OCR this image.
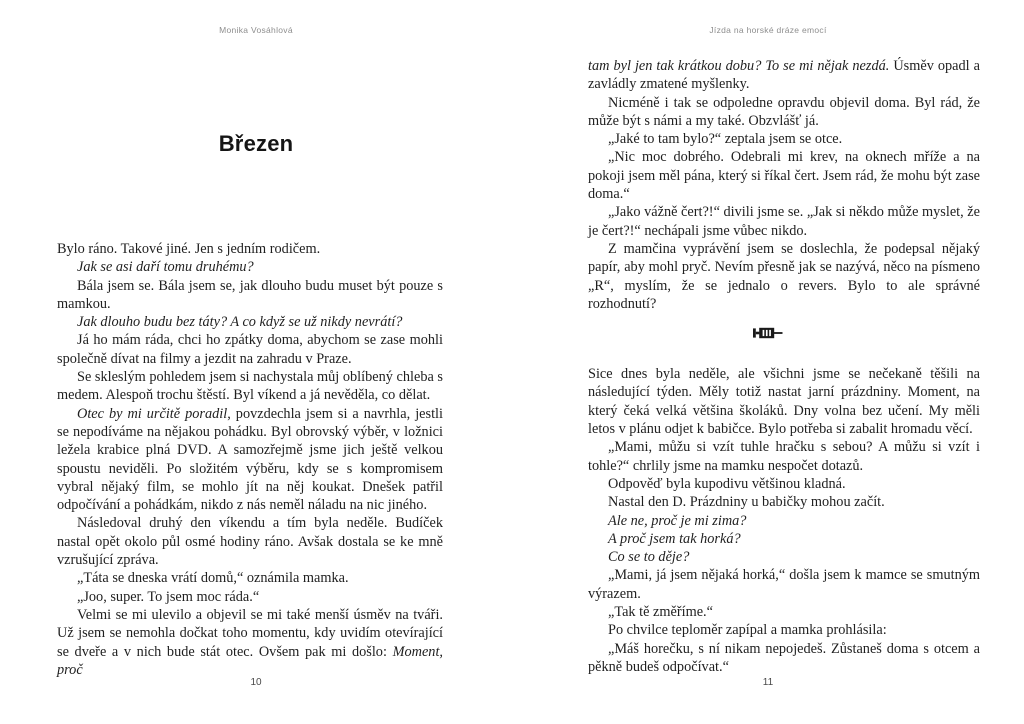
Monika Vosáhlová
Březen

Bylo ráno. Takové jiné. Jen s jedním rodičem.

Jak se asi daří tomu druhému?

Bála jsem se. Bála jsem se, jak dlouho budu muset být pouze s mamkou.

Jak dlouho budu bez táty? A co když se už nikdy nevrátí?

Já ho mám ráda, chci ho zpátky doma, abychom se zase mohli společně dívat na filmy a jezdit na zahradu v Praze.

Se skleslým pohledem jsem si nachystala můj oblíbený chleba s medem. Alespoň trochu štěstí. Byl víkend a já nevěděla, co dělat.

Otec by mi určitě poradil, povzdechla jsem si a navrhla, jestli se nepodíváme na nějakou pohádku. Byl obrovský výběr, v ložnici ležela krabice plná DVD. A samozřejmě jsme jich ještě velkou spoustu neviděli. Po složitém výběru, kdy se s kompromisem vybral nějaký film, se mohlo jít na něj koukat. Dnešek patřil odpočívání a pohádkám, nikdo z nás neměl náladu na nic jiného.

Následoval druhý den víkendu a tím byla neděle. Budíček nastal opět okolo půl osmé hodiny ráno. Avšak dostala se ke mně vzrušující zpráva.

„Táta se dneska vrátí domů,“ oznámila mamka.

„Joo, super. To jsem moc ráda.“

Velmi se mi ulevilo a objevil se mi také menší úsměv na tváři. Už jsem se nemohla dočkat toho momentu, kdy uvidím otevírající se dveře a v nich bude stát otec. Ovšem pak mi došlo: Moment, proč

10
Jízda na horské dráze emocí

tam byl jen tak krátkou dobu? To se mi nějak nezdá. Úsměv opadl a zavládly zmatené myšlenky.

Nicméně i tak se odpoledne opravdu objevil doma. Byl rád, že může být s námi a my také. Obzvlášť já.

„Jaké to tam bylo?“ zeptala jsem se otce.

„Nic moc dobrého. Odebrali mi krev, na oknech mříže a na pokoji jsem měl pána, který si říkal čert. Jsem rád, že mohu být zase doma.“

„Jako vážně čert?!“ divili jsme se. „Jak si někdo může myslet, že je čert?!“ nechápali jsme vůbec nikdo.

Z mamčina vyprávění jsem se doslechla, že podepsal nějaký papír, aby mohl pryč. Nevím přesně jak se nazývá, něco na písmeno „R“, myslím, že se jednalo o revers. Bylo to ale správné rozhodnutí?

Sice dnes byla neděle, ale všichni jsme se nečekaně těšili na následující týden. Měly totiž nastat jarní prázdniny. Moment, na který čeká velká většina školáků. Dny volna bez učení. My měli letos v plánu odjet k babičce. Bylo potřeba si zabalit hromadu věcí.

„Mami, můžu si vzít tuhle hračku s sebou? A můžu si vzít i tohle?“ chrlily jsme na mamku nespočet dotazů.

Odpověď byla kupodivu většinou kladná.

Nastal den D. Prázdniny u babičky mohou začít.

Ale ne, proč je mi zima?

A proč jsem tak horká?

Co se to děje?

„Mami, já jsem nějaká horká,“ došla jsem k mamce se smutným výrazem.

„Tak tě změříme.“

Po chvilce teploměr zapípal a mamka prohlásila:

„Máš horečku, s ní nikam nepojedeš. Zůstaneš doma s otcem a pěkně budeš odpočívat.“

11
